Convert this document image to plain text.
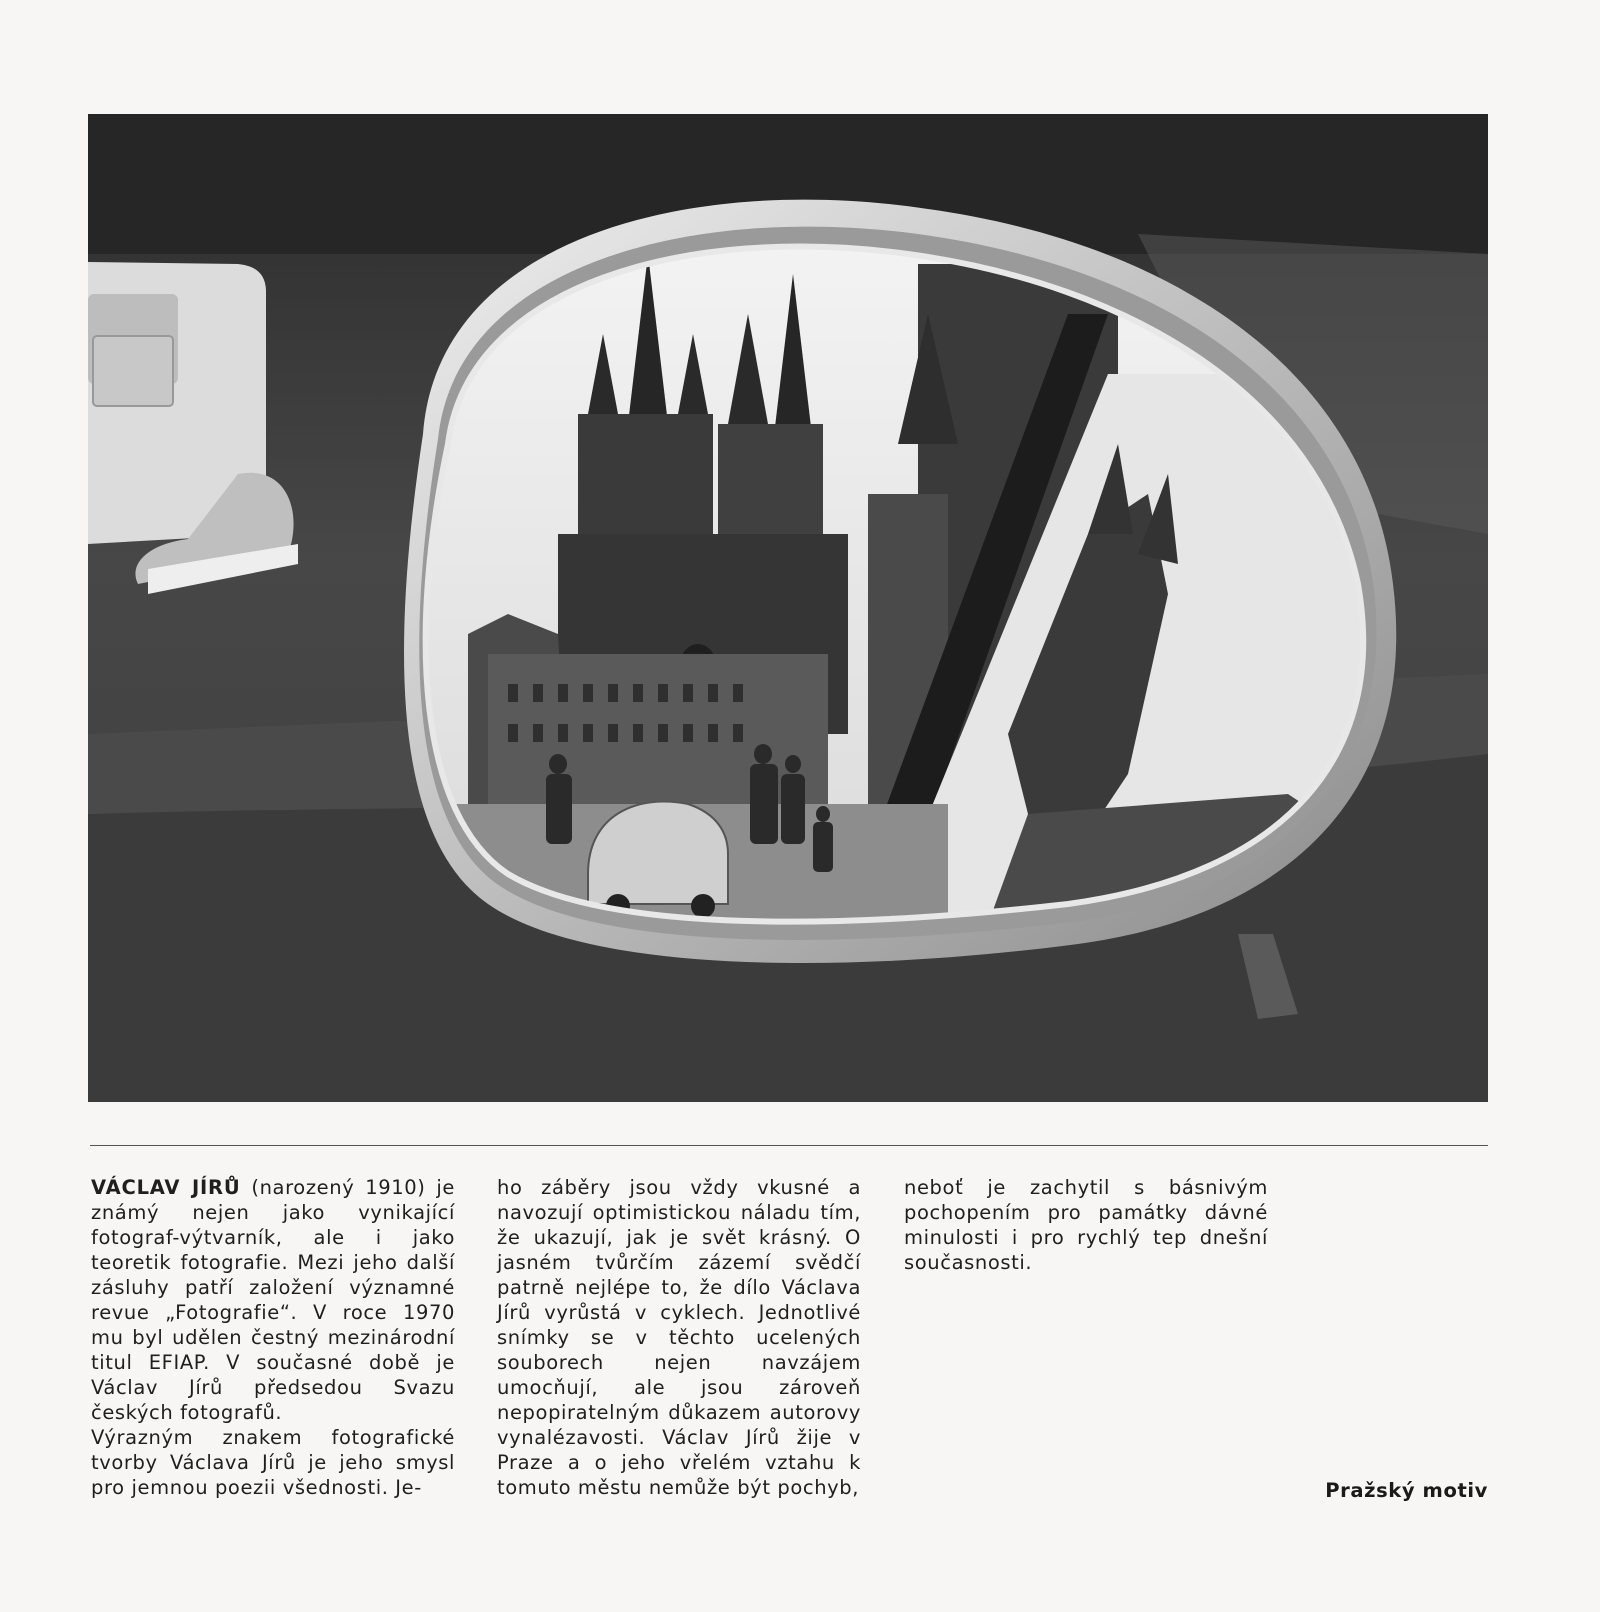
VÁCLAV JÍRŮ (narozený 1910) je známý nejen jako vynikající fotograf-výtvarník, ale i jako teoretik fotografie. Mezi jeho další zásluhy patří založení významné revue „Fotografie“. V roce 1970 mu byl udělen čestný mezinárodní titul EFIAP. V současné době je Václav Jírů předsedou Svazu českých fotografů.

Výrazným znakem fotografické tvorby Václava Jírů je jeho smysl pro jemnou poezii všednosti. Je-

ho záběry jsou vždy vkusné a navozují optimistickou náladu tím, že ukazují, jak je svět krásný. O jasném tvůrčím zázemí svědčí patrně nejlépe to, že dílo Václava Jírů vyrůstá v cyklech. Jednotlivé snímky se v těchto ucelených souborech nejen navzájem umocňují, ale jsou zároveň nepopiratelným důkazem autorovy vynalézavosti. Václav Jírů žije v Praze a o jeho vřelém vztahu k tomuto městu nemůže být pochyb,

neboť je zachytil s básnivým pochopením pro památky dávné minulosti i pro rychlý tep dnešní současnosti.

Pražský motiv
